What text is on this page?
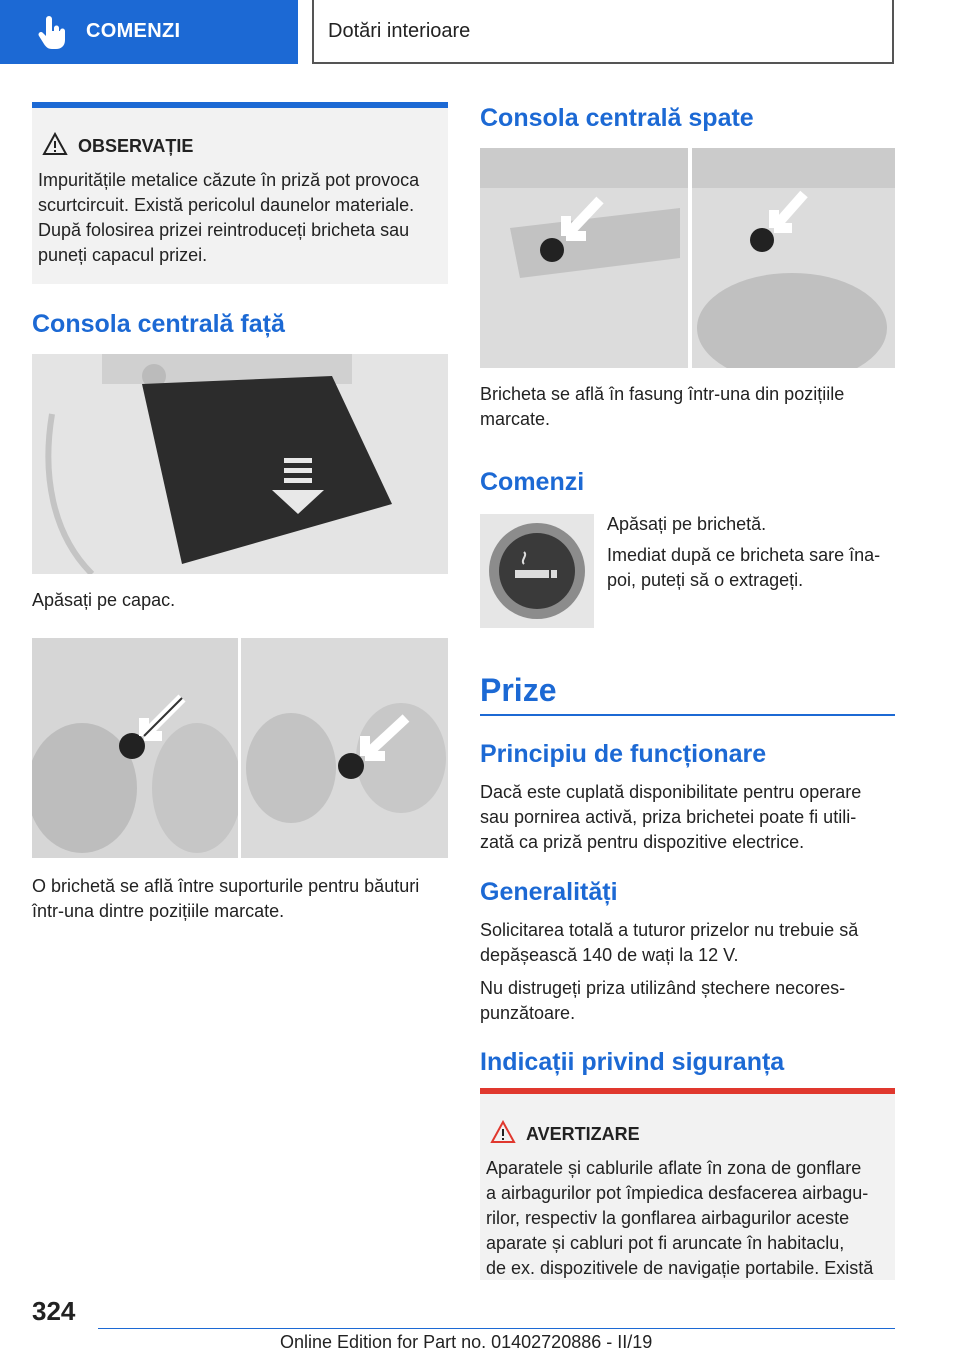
COMENZI	Dotări interioare
OBSERVAȚIE

Impuritățile metalice căzute în priză pot provoca

scurtcircuit. Există pericolul daunelor materiale.

După folosirea prizei reintroduceți bricheta sau

puneți capacul prizei.

Consola centrală față

Apăsați pe capac.

O brichetă se află între suporturile pentru băuturi

într-una dintre pozițiile marcate.

Consola centrală spate

Bricheta se află în fasung într-una din pozițiile

marcate.

Comenzi

Apăsați pe brichetă.

Imediat după ce bricheta sare îna-

poi, puteți să o extrageți.

Prize
Principiu de funcționare

Dacă este cuplată disponibilitate pentru operare

sau pornirea activă, priza brichetei poate fi utili-

zată ca priză pentru dispozitive electrice.

Generalități

Solicitarea totală a tuturor prizelor nu trebuie să

depășească 140 de wați la 12 V.

Nu distrugeți priza utilizând ștechere necores-

punzătoare.

Indicații privind siguranța
AVERTIZARE

Aparatele și cablurile aflate în zona de gonflare

a airbagurilor pot împiedica desfacerea airbagu-

rilor, respectiv la gonflarea airbagurilor aceste

aparate și cabluri pot fi aruncate în habitaclu,

de ex. dispozitivele de navigație portabile. Există

324
Online Edition for Part no. 01402720886 - II/19
